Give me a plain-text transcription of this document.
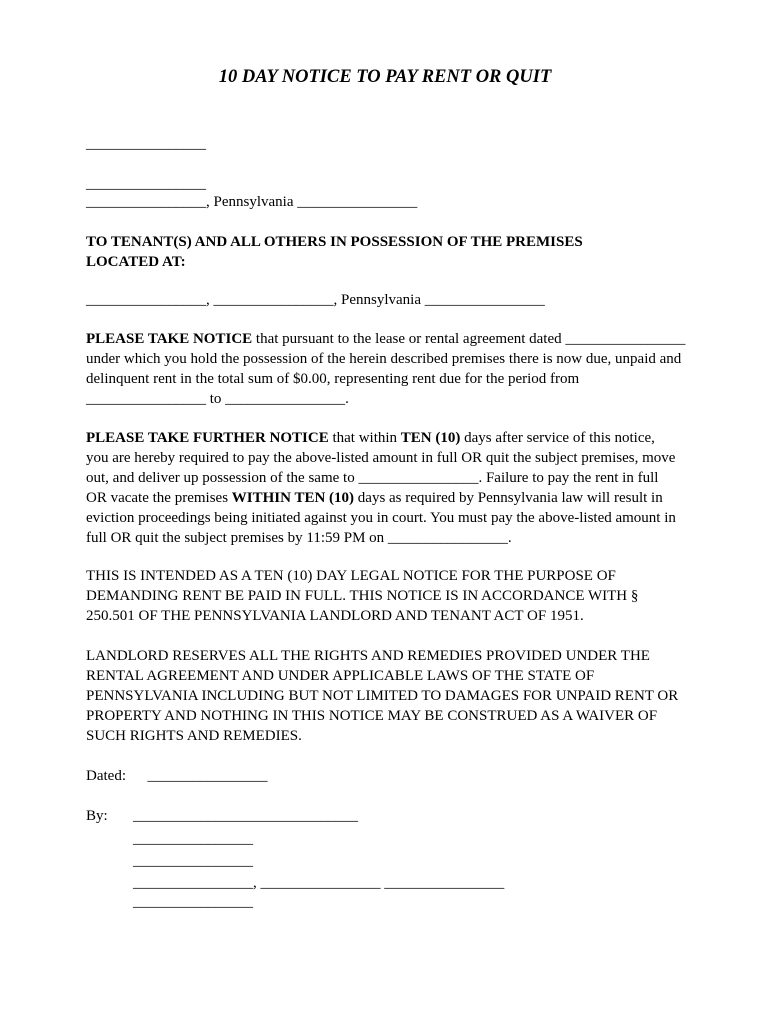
10 DAY NOTICE TO PAY RENT OR QUIT
________________
________________
________________, Pennsylvania ________________
TO TENANT(S) AND ALL OTHERS IN POSSESSION OF THE PREMISES LOCATED AT:
________________, ________________, Pennsylvania ________________
PLEASE TAKE NOTICE that pursuant to the lease or rental agreement dated ________________ under which you hold the possession of the herein described premises there is now due, unpaid and delinquent rent in the total sum of $0.00, representing rent due for the period from ________________ to ________________.
PLEASE TAKE FURTHER NOTICE that within TEN (10) days after service of this notice, you are hereby required to pay the above-listed amount in full OR quit the subject premises, move out, and deliver up possession of the same to ________________. Failure to pay the rent in full OR vacate the premises WITHIN TEN (10) days as required by Pennsylvania law will result in eviction proceedings being initiated against you in court. You must pay the above-listed amount in full OR quit the subject premises by 11:59 PM on ________________.
THIS IS INTENDED AS A TEN (10) DAY LEGAL NOTICE FOR THE PURPOSE OF DEMANDING RENT BE PAID IN FULL. THIS NOTICE IS IN ACCORDANCE WITH § 250.501 OF THE PENNSYLVANIA LANDLORD AND TENANT ACT OF 1951.
LANDLORD RESERVES ALL THE RIGHTS AND REMEDIES PROVIDED UNDER THE RENTAL AGREEMENT AND UNDER APPLICABLE LAWS OF THE STATE OF PENNSYLVANIA INCLUDING BUT NOT LIMITED TO DAMAGES FOR UNPAID RENT OR PROPERTY AND NOTHING IN THIS NOTICE MAY BE CONSTRUED AS A WAIVER OF SUCH RIGHTS AND REMEDIES.
Dated: ________________
By:	______________________________
________________
________________
________________, ________________ ________________
________________
